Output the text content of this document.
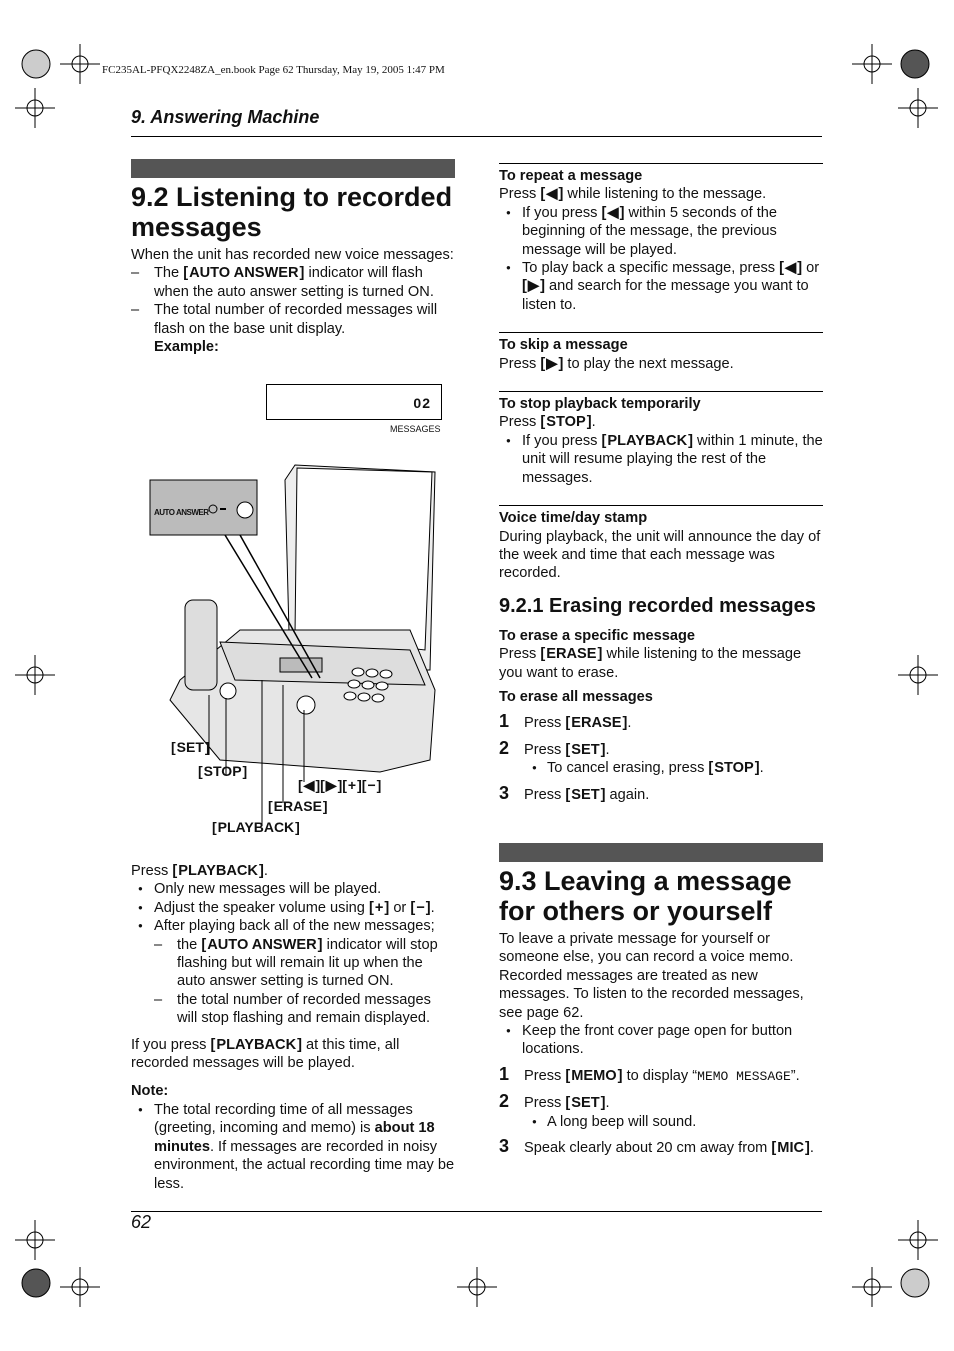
FC235AL-PFQX2248ZA_en.book Page 62 Thursday, May 19, 2005 1:47 PM
9. Answering Machine
9.2 Listening to recorded messages
When the unit has recorded new voice messages:
– The [ AUTO ANSWER ] indicator will flash when the auto answer setting is turned ON.
– The total number of recorded messages will flash on the base unit display.
Example:
02
MESSAGES
AUTO ANSWER
[ SET ]
[ STOP ]
[ ◀ ] [ ▶ ] [ + ] [ − ]
[ ERASE ]
[ PLAYBACK ]
Press [ PLAYBACK ] .
● Only new messages will be played.
● Adjust the speaker volume using [ + ] or [ − ] .
● After playing back all of the new messages;
– the [ AUTO ANSWER ] indicator will stop flashing but will remain lit up when the auto answer setting is turned ON.
– the total number of recorded messages will stop flashing and remain displayed.
If you press [ PLAYBACK ] at this time, all recorded messages will be played.
Note:
● The total recording time of all messages (greeting, incoming and memo) is about 18 minutes. If messages are recorded in noisy environment, the actual recording time may be less.
To repeat a message
Press [ ◀ ] while listening to the message.
● If you press [ ◀ ] within 5 seconds of the beginning of the message, the previous message will be played.
● To play back a specific message, press [ ◀ ] or [ ▶ ] and search for the message you want to listen to.
To skip a message
Press [ ▶ ] to play the next message.
To stop playback temporarily
Press [ STOP ] .
● If you press [ PLAYBACK ] within 1 minute, the unit will resume playing the rest of the messages.
Voice time/day stamp
During playback, the unit will announce the day of the week and time that each message was recorded.
9.2.1 Erasing recorded messages
To erase a specific message
Press [ ERASE ] while listening to the message you want to erase.
To erase all messages
1 Press [ ERASE ] .
2 Press [ SET ] .
● To cancel erasing, press [ STOP ] .
3 Press [ SET ] again.
9.3 Leaving a message for others or yourself
To leave a private message for yourself or someone else, you can record a voice memo. Recorded messages are treated as new messages. To listen to the recorded messages, see page 62.
● Keep the front cover page open for button locations.
1 Press [ MEMO ] to display “MEMO MESSAGE”.
2 Press [ SET ] .
● A long beep will sound.
3 Speak clearly about 20 cm away from [ MIC ] .
62
